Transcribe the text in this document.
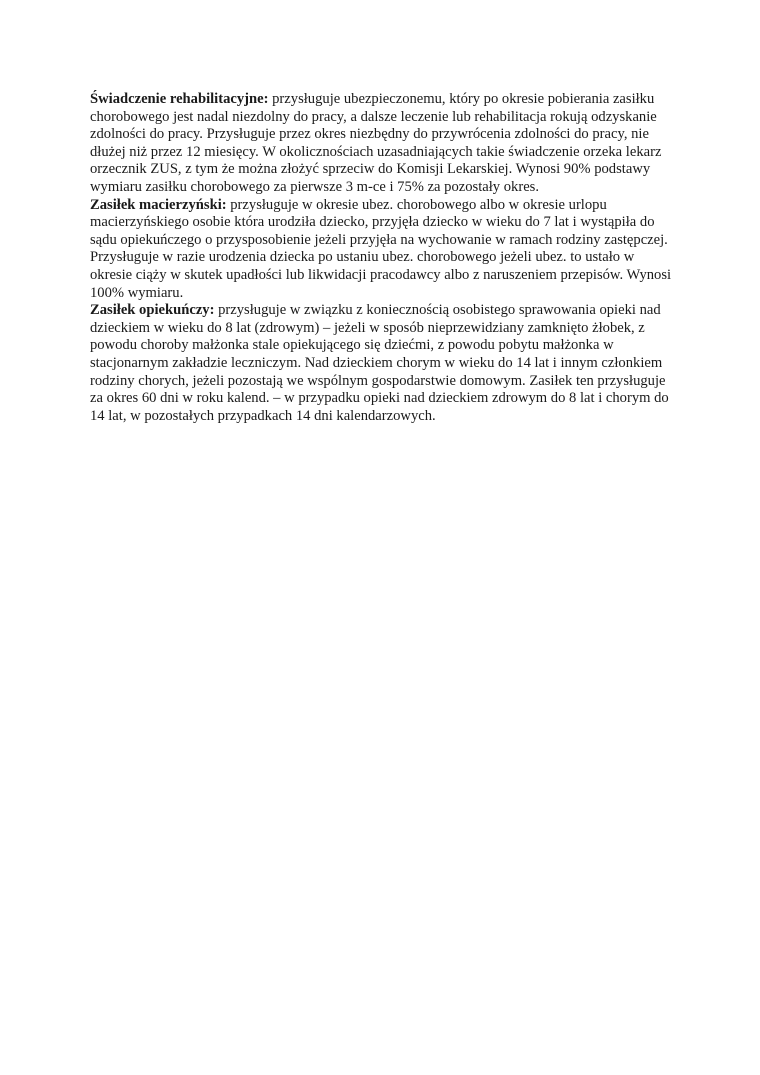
Świadczenie rehabilitacyjne: przysługuje ubezpieczonemu, który po okresie pobierania zasiłku chorobowego jest nadal niezdolny do pracy, a dalsze leczenie lub rehabilitacja rokują odzyskanie zdolności do pracy. Przysługuje przez okres niezbędny do przywrócenia zdolności do pracy, nie dłużej niż przez 12 miesięcy. W okolicznościach uzasadniających takie świadczenie orzeka lekarz orzecznik ZUS, z tym że można złożyć sprzeciw do Komisji Lekarskiej. Wynosi 90% podstawy wymiaru zasiłku chorobowego za pierwsze 3 m-ce i 75% za pozostały okres.

Zasiłek macierzyński: przysługuje w okresie ubez. chorobowego albo w okresie urlopu macierzyńskiego osobie która urodziła dziecko, przyjęła dziecko w wieku do 7 lat i wystąpiła do sądu opiekuńczego o przysposobienie jeżeli przyjęła na wychowanie w ramach rodziny zastępczej. Przysługuje w razie urodzenia dziecka po ustaniu ubez. chorobowego jeżeli ubez. to ustało w okresie ciąży w skutek upadłości lub likwidacji pracodawcy albo z naruszeniem przepisów. Wynosi 100% wymiaru.

Zasiłek opiekuńczy: przysługuje w związku z koniecznością osobistego sprawowania opieki nad dzieckiem w wieku do 8 lat (zdrowym) – jeżeli w sposób nieprzewidziany zamknięto żłobek, z powodu choroby małżonka stale opiekującego się dziećmi, z powodu pobytu małżonka w stacjonarnym zakładzie leczniczym. Nad dzieckiem chorym w wieku do 14 lat i innym członkiem rodziny chorych, jeżeli pozostają we wspólnym gospodarstwie domowym. Zasiłek ten przysługuje za okres 60 dni w roku kalend. – w przypadku opieki nad dzieckiem zdrowym do 8 lat i chorym do 14 lat, w pozostałych przypadkach 14 dni kalendarzowych.
